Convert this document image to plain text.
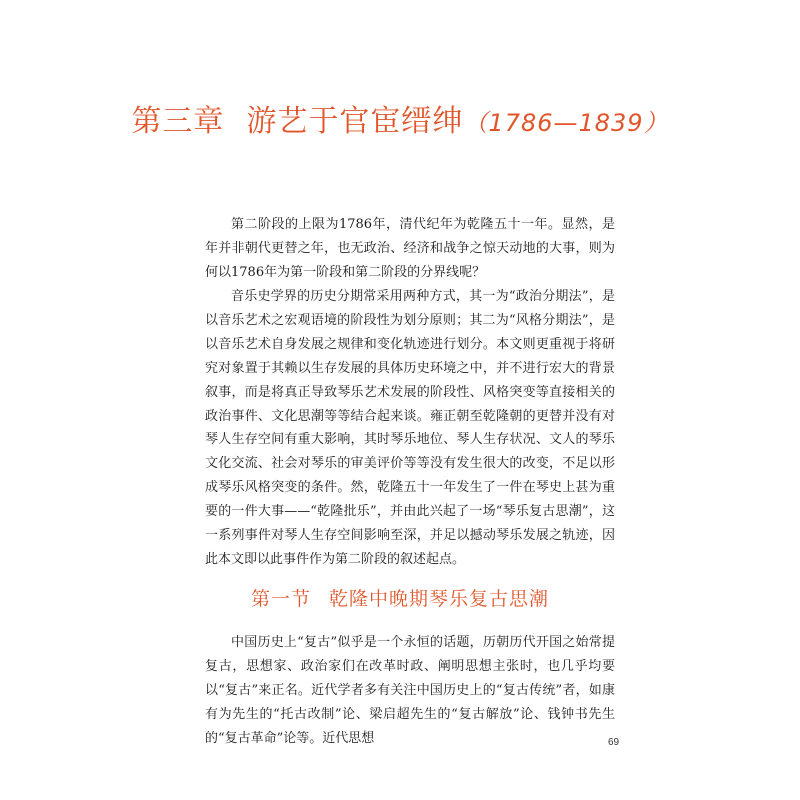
第三章 游艺于官宦缙绅（1786—1839）

第二阶段的上限为1786年，清代纪年为乾隆五十一年。显然，是年并非朝代更替之年，也无政治、经济和战争之惊天动地的大事，则为何以1786年为第一阶段和第二阶段的分界线呢？

音乐史学界的历史分期常采用两种方式，其一为“政治分期法”，是以音乐艺术之宏观语境的阶段性为划分原则；其二为“风格分期法”，是以音乐艺术自身发展之规律和变化轨迹进行划分。本文则更重视于将研究对象置于其赖以生存发展的具体历史环境之中，并不进行宏大的背景叙事，而是将真正导致琴乐艺术发展的阶段性、风格突变等直接相关的政治事件、文化思潮等等结合起来谈。雍正朝至乾隆朝的更替并没有对琴人生存空间有重大影响，其时琴乐地位、琴人生存状况、文人的琴乐文化交流、社会对琴乐的审美评价等等没有发生很大的改变，不足以形成琴乐风格突变的条件。然，乾隆五十一年发生了一件在琴史上甚为重要的一件大事——“乾隆批乐”，并由此兴起了一场“琴乐复古思潮”，这一系列事件对琴人生存空间影响至深，并足以撼动琴乐发展之轨迹，因此本文即以此事件作为第二阶段的叙述起点。

第一节 乾隆中晚期琴乐复古思潮

中国历史上“复古”似乎是一个永恒的话题，历朝历代开国之始常提复古，思想家、政治家们在改革时政、阐明思想主张时，也几乎均要以“复古”来正名。近代学者多有关注中国历史上的“复古传统”者，如康有为先生的“托古改制”论、梁启超先生的“复古解放”论、钱钟书先生的“复古革命”论等。近代思想	69
